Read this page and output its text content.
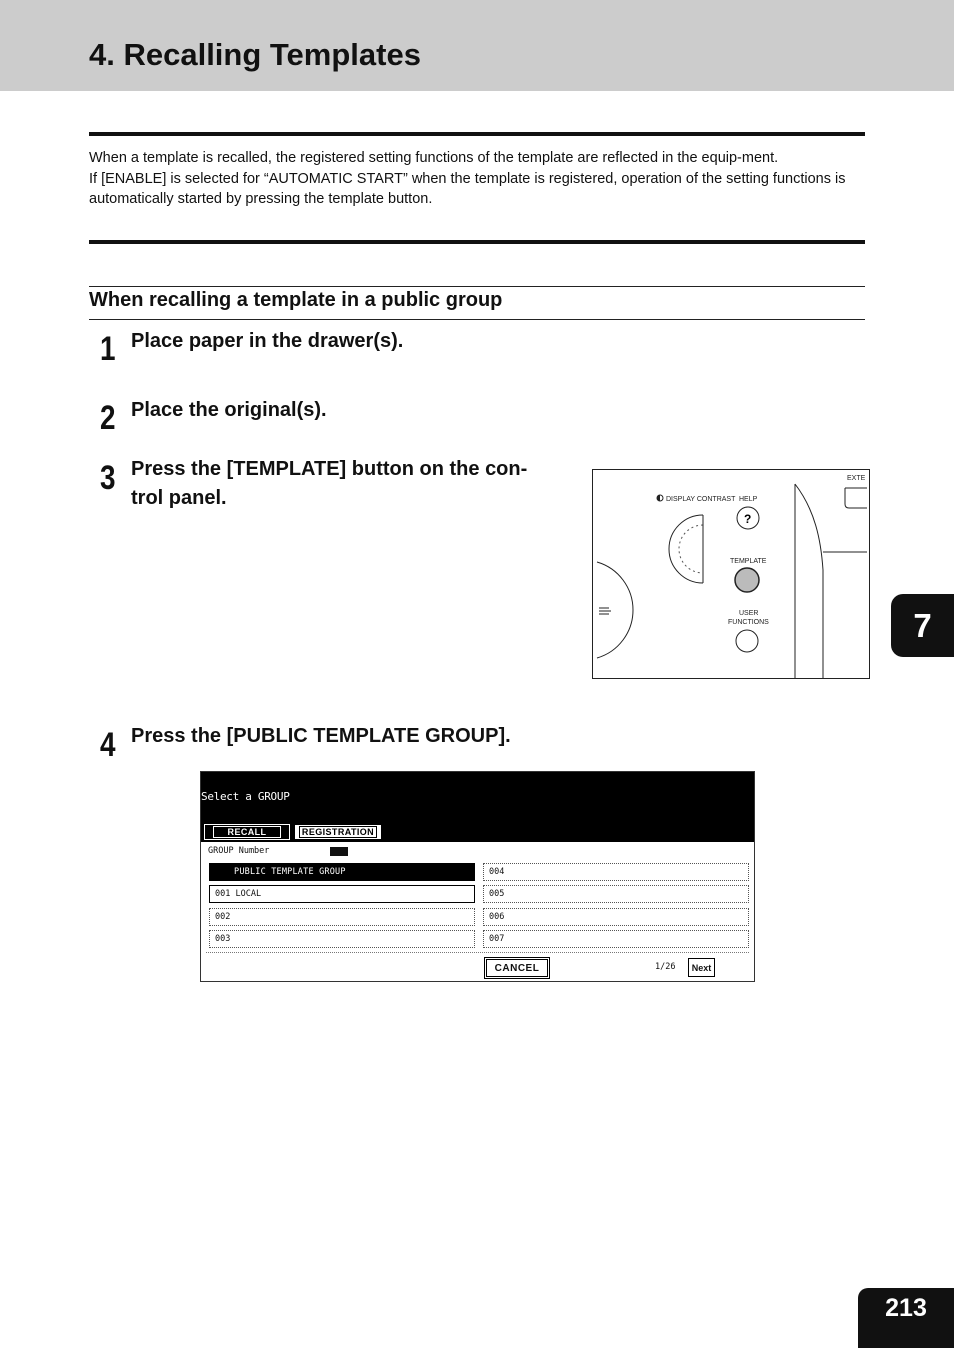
4. Recalling Templates

When a template is recalled, the registered setting functions of the template are reflected in the equip-ment.

If [ENABLE] is selected for “AUTOMATIC START” when the template is registered, operation of the setting functions is automatically started by pressing the template button.

When recalling a template in a public group
1 Place paper in the drawer(s).

2 Place the original(s).

3 Press the [TEMPLATE] button on the con-
trol panel.	DISPLAY CONTRAST HELP
?
TEMPLATE
USER
FUNCTIONS
EXTE
4 Press the [PUBLIC TEMPLATE GROUP].

Select a GROUP
RECALL	REGISTRATION
GROUP Number
PUBLIC TEMPLATE GROUP
001 LOCAL
002
003
004
005
006
007
CANCEL	1/26	Next
7
213
